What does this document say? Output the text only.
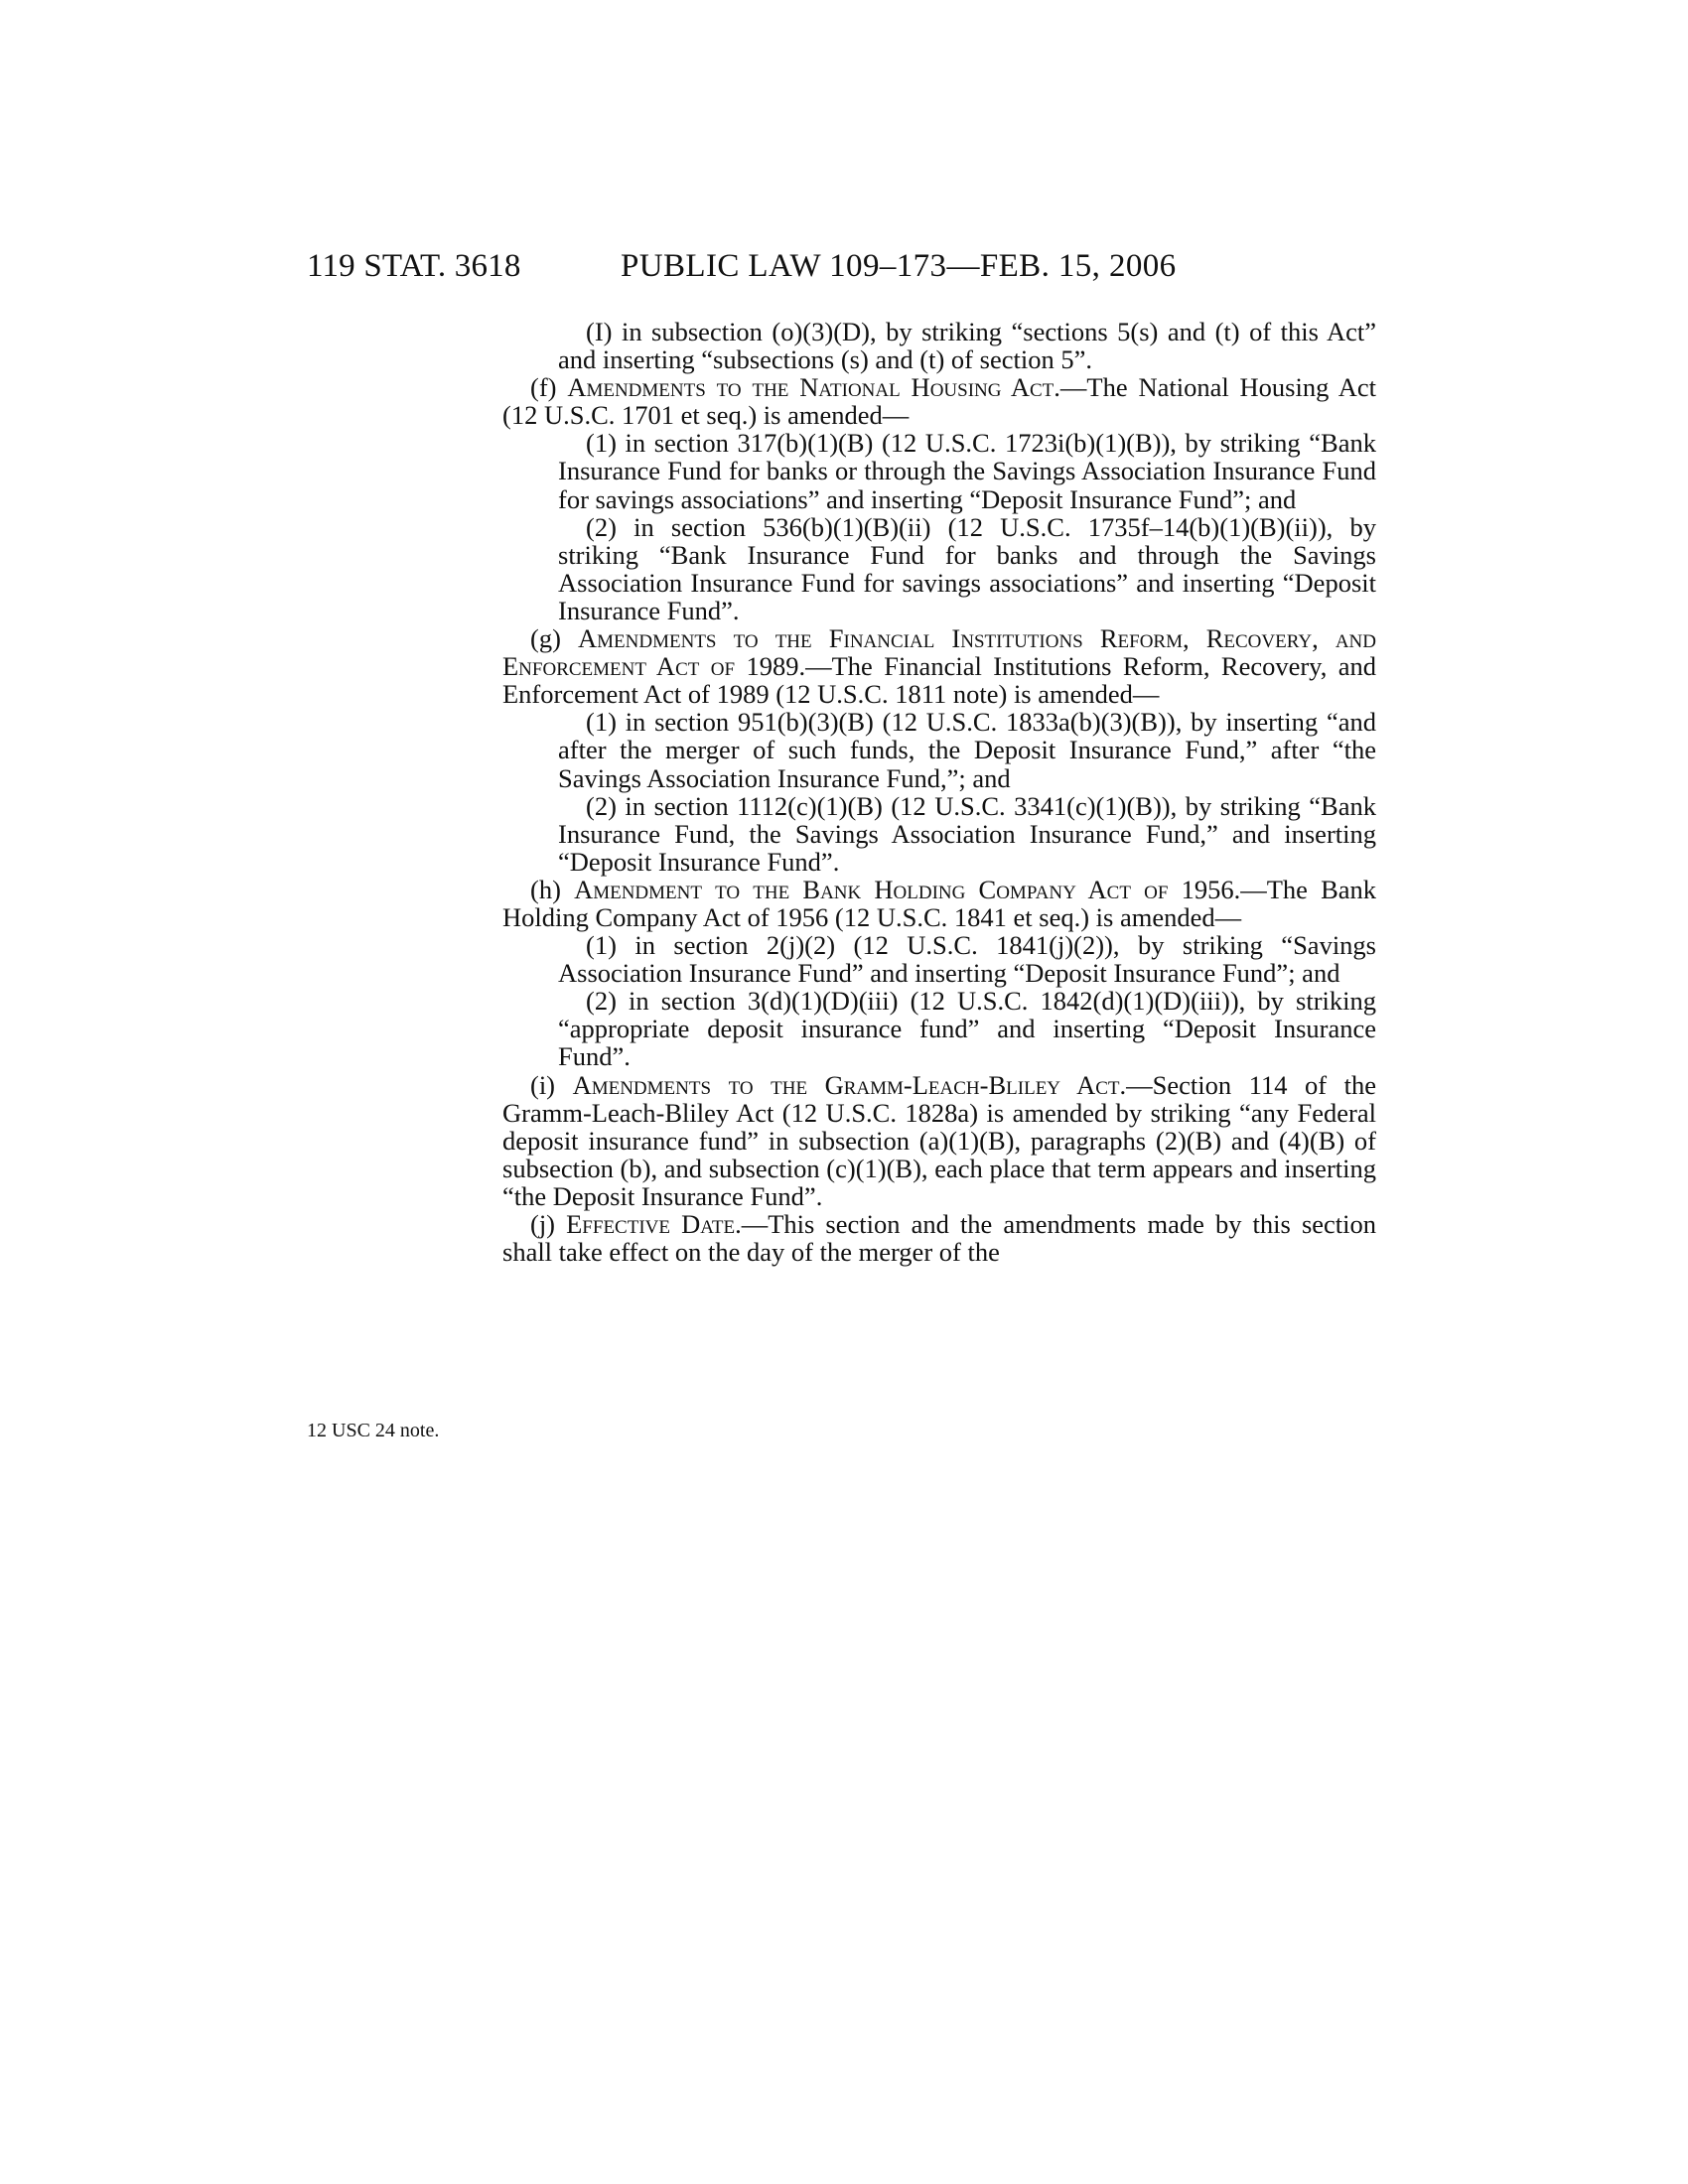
119 STAT. 3618	PUBLIC LAW 109–173—FEB. 15, 2006
12 USC 24 note.

(I) in subsection (o)(3)(D), by striking “sections 5(s) and (t) of this Act” and inserting “subsections (s) and (t) of section 5”.

(f) Amendments to the National Housing Act.—The National Housing Act (12 U.S.C. 1701 et seq.) is amended—

(1) in section 317(b)(1)(B) (12 U.S.C. 1723i(b)(1)(B)), by striking “Bank Insurance Fund for banks or through the Savings Association Insurance Fund for savings associations” and inserting “Deposit Insurance Fund”; and

(2) in section 536(b)(1)(B)(ii) (12 U.S.C. 1735f–14(b)(1)(B)(ii)), by striking “Bank Insurance Fund for banks and through the Savings Association Insurance Fund for savings associations” and inserting “Deposit Insurance Fund”.

(g) Amendments to the Financial Institutions Reform, Recovery, and Enforcement Act of 1989.—The Financial Institutions Reform, Recovery, and Enforcement Act of 1989 (12 U.S.C. 1811 note) is amended—

(1) in section 951(b)(3)(B) (12 U.S.C. 1833a(b)(3)(B)), by inserting “and after the merger of such funds, the Deposit Insurance Fund,” after “the Savings Association Insurance Fund,”; and

(2) in section 1112(c)(1)(B) (12 U.S.C. 3341(c)(1)(B)), by striking “Bank Insurance Fund, the Savings Association Insurance Fund,” and inserting “Deposit Insurance Fund”.

(h) Amendment to the Bank Holding Company Act of 1956.—The Bank Holding Company Act of 1956 (12 U.S.C. 1841 et seq.) is amended—

(1) in section 2(j)(2) (12 U.S.C. 1841(j)(2)), by striking “Savings Association Insurance Fund” and inserting “Deposit Insurance Fund”; and

(2) in section 3(d)(1)(D)(iii) (12 U.S.C. 1842(d)(1)(D)(iii)), by striking “appropriate deposit insurance fund” and inserting “Deposit Insurance Fund”.

(i) Amendments to the Gramm-Leach-Bliley Act.—Section 114 of the Gramm-Leach-Bliley Act (12 U.S.C. 1828a) is amended by striking “any Federal deposit insurance fund” in subsection (a)(1)(B), paragraphs (2)(B) and (4)(B) of subsection (b), and subsection (c)(1)(B), each place that term appears and inserting “the Deposit Insurance Fund”.

(j) Effective Date.—This section and the amendments made by this section shall take effect on the day of the merger of the
